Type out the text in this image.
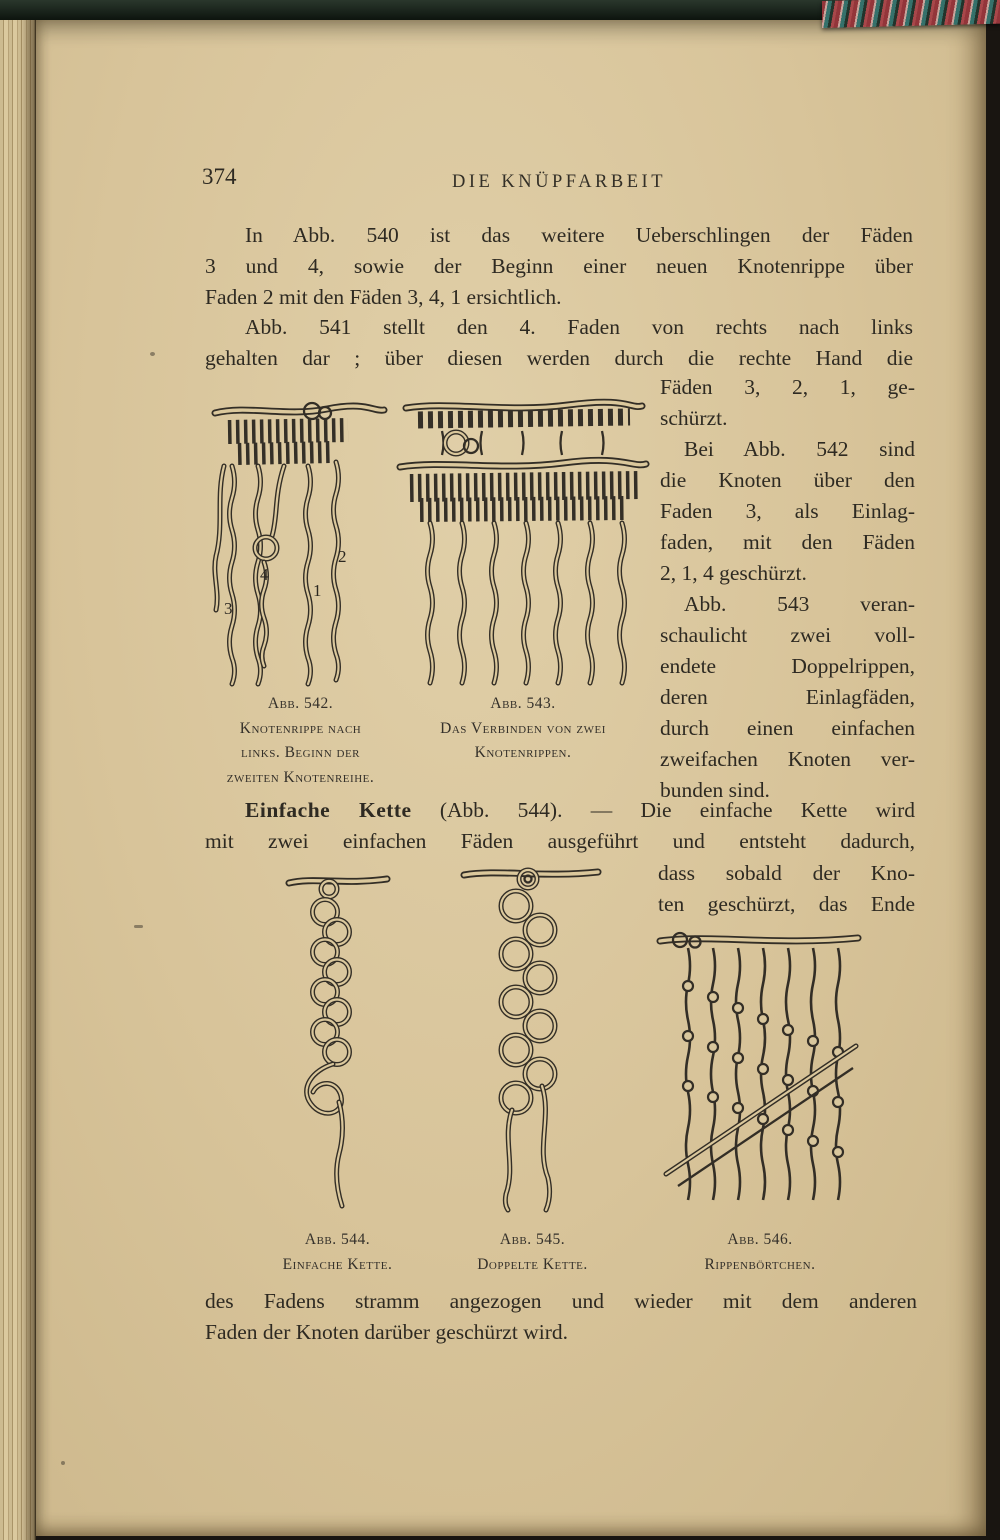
374	DIE KNÜPFARBEIT
In Abb. 540 ist das weitere Ueberschlingen der Fäden
3 und 4, sowie der Beginn einer neuen Knotenrippe über
Faden 2 mit den Fäden 3, 4, 1 ersichtlich.
Abb. 541 stellt den 4. Faden von rechts nach links
gehalten dar ; über diesen werden durch die rechte Hand die
Fäden 3, 2, 1, ge-
schürzt.
Bei Abb. 542 sind
die Knoten über den
Faden 3, als Einlag-
faden, mit den Fäden
2, 1, 4 geschürzt.
Abb. 543 veran-
schaulicht zwei voll-
endete Doppelrippen,
deren Einlagfäden,
durch einen einfachen
zweifachen Knoten ver-
bunden sind.
4
2
1
3
Abb. 542.
Knotenrippe nach
links. Beginn der
zweiten Knotenreihe.
Abb. 543.
Das Verbinden von zwei
Knotenrippen.
Einfache Kette (Abb. 544). — Die einfache Kette wird
mit zwei einfachen Fäden ausgeführt und entsteht dadurch,
dass sobald der Kno-
ten geschürzt, das Ende
Abb. 544.
Einfache Kette.
Abb. 545.
Doppelte Kette.
Abb. 546.
Rippenbörtchen.
des Fadens stramm angezogen und wieder mit dem anderen
Faden der Knoten darüber geschürzt wird.
